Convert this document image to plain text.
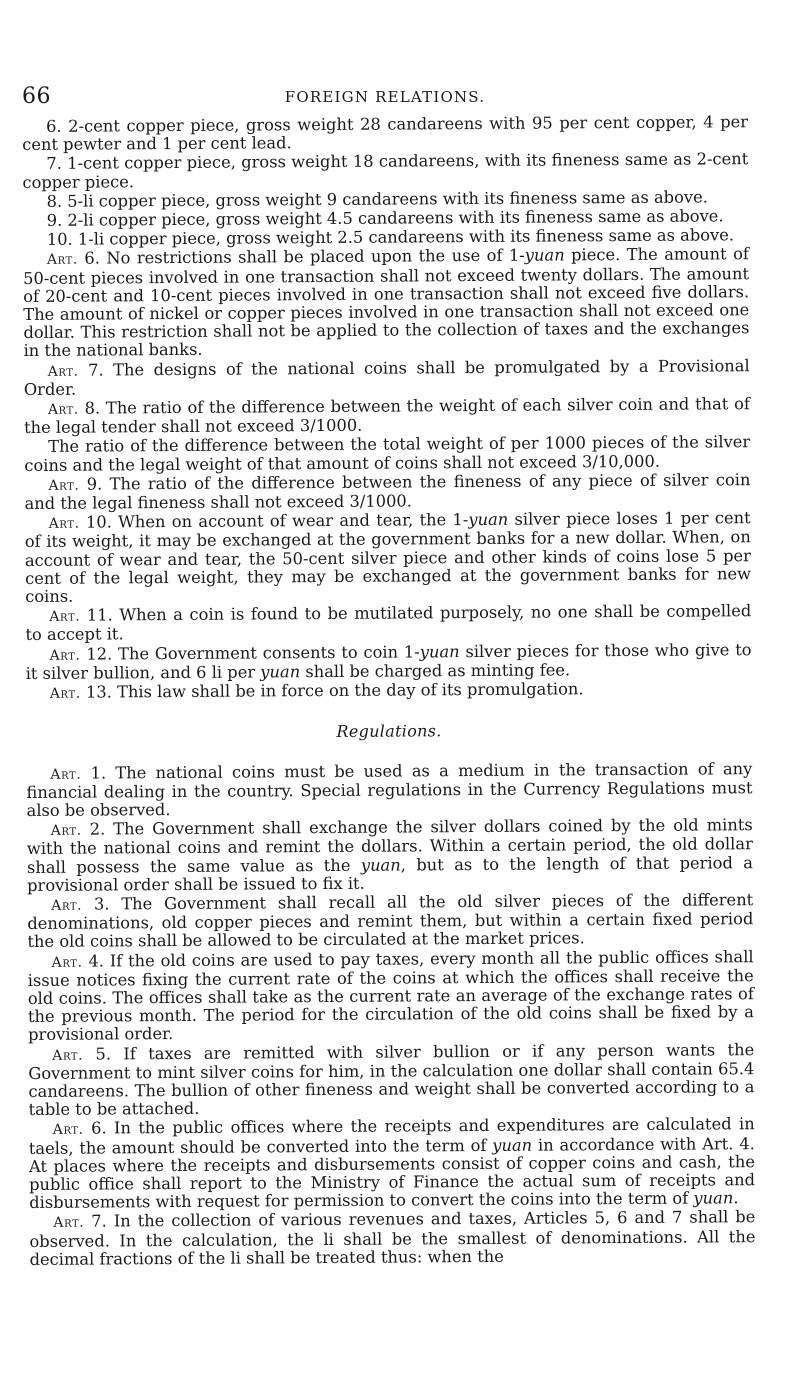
66	FOREIGN RELATIONS.

6. 2-cent copper piece, gross weight 28 candareens with 95 per cent copper, 4 per cent pewter and 1 per cent lead.

7. 1-cent copper piece, gross weight 18 candareens, with its fineness same as 2-cent copper piece.

8. 5-li copper piece, gross weight 9 candareens with its fineness same as above.

9. 2-li copper piece, gross weight 4.5 candareens with its fineness same as above.

10. 1-li copper piece, gross weight 2.5 candareens with its fineness same as above.

Art. 6. No restrictions shall be placed upon the use of 1-yuan piece. The amount of 50-cent pieces involved in one transaction shall not exceed twenty dollars. The amount of 20-cent and 10-cent pieces involved in one transaction shall not exceed five dollars. The amount of nickel or copper pieces involved in one transaction shall not exceed one dollar. This restriction shall not be applied to the collection of taxes and the exchanges in the national banks.

Art. 7. The designs of the national coins shall be promulgated by a Provisional Order.

Art. 8. The ratio of the difference between the weight of each silver coin and that of the legal tender shall not exceed 3/1000.

The ratio of the difference between the total weight of per 1000 pieces of the silver coins and the legal weight of that amount of coins shall not exceed 3/10,000.

Art. 9. The ratio of the difference between the fineness of any piece of silver coin and the legal fineness shall not exceed 3/1000.

Art. 10. When on account of wear and tear, the 1-yuan silver piece loses 1 per cent of its weight, it may be exchanged at the government banks for a new dollar. When, on account of wear and tear, the 50-cent silver piece and other kinds of coins lose 5 per cent of the legal weight, they may be exchanged at the government banks for new coins.

Art. 11. When a coin is found to be mutilated purposely, no one shall be compelled to accept it.

Art. 12. The Government consents to coin 1-yuan silver pieces for those who give to it silver bullion, and 6 li per yuan shall be charged as minting fee.

Art. 13. This law shall be in force on the day of its promulgation.

Regulations.

Art. 1. The national coins must be used as a medium in the transaction of any financial dealing in the country. Special regulations in the Currency Regulations must also be observed.

Art. 2. The Government shall exchange the silver dollars coined by the old mints with the national coins and remint the dollars. Within a certain period, the old dollar shall possess the same value as the yuan, but as to the length of that period a provisional order shall be issued to fix it.

Art. 3. The Government shall recall all the old silver pieces of the different denominations, old copper pieces and remint them, but within a certain fixed period the old coins shall be allowed to be circulated at the market prices.

Art. 4. If the old coins are used to pay taxes, every month all the public offices shall issue notices fixing the current rate of the coins at which the offices shall receive the old coins. The offices shall take as the current rate an average of the exchange rates of the previous month. The period for the circulation of the old coins shall be fixed by a provisional order.

Art. 5. If taxes are remitted with silver bullion or if any person wants the Government to mint silver coins for him, in the calculation one dollar shall contain 65.4 candareens. The bullion of other fineness and weight shall be converted according to a table to be attached.

Art. 6. In the public offices where the receipts and expenditures are calculated in taels, the amount should be converted into the term of yuan in accordance with Art. 4. At places where the receipts and disbursements consist of copper coins and cash, the public office shall report to the Ministry of Finance the actual sum of receipts and disbursements with request for permission to convert the coins into the term of yuan.

Art. 7. In the collection of various revenues and taxes, Articles 5, 6 and 7 shall be observed. In the calculation, the li shall be the smallest of denominations. All the decimal fractions of the li shall be treated thus: when the
